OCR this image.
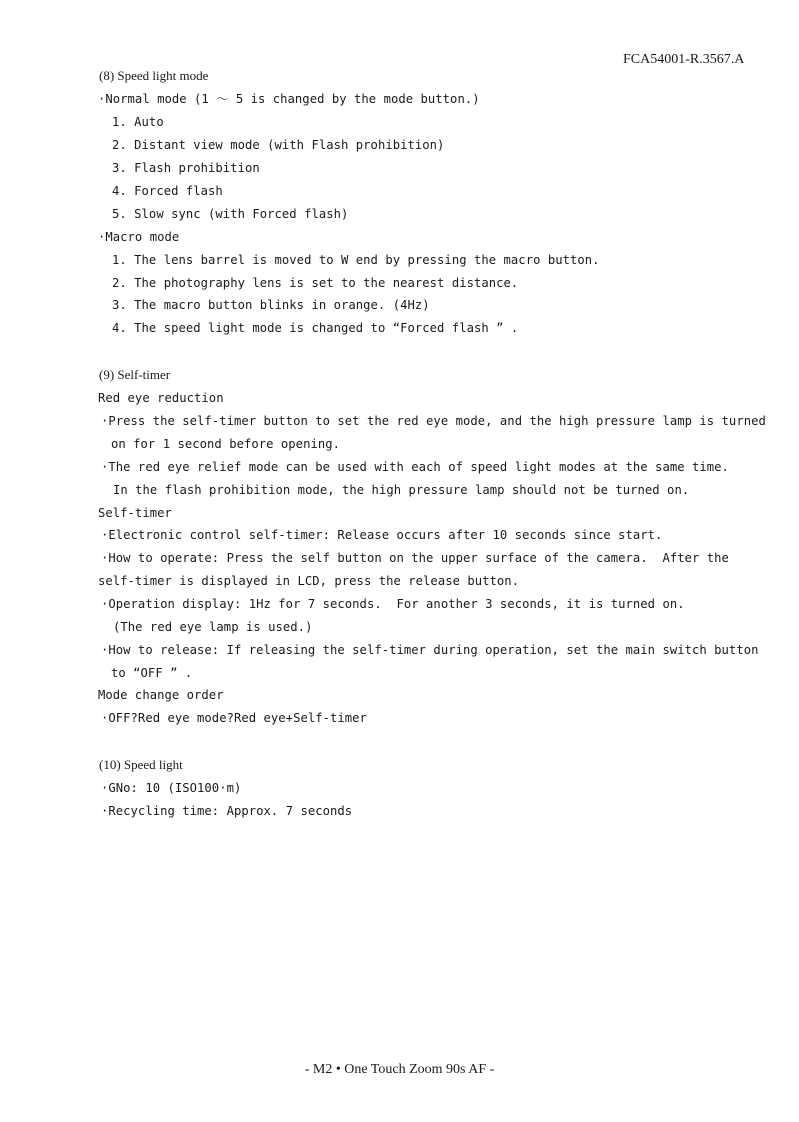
FCA54001-R.3567.A
(8) Speed light mode
·Normal mode (1 ～ 5 is changed by the mode button.)
1. Auto
2. Distant view mode (with Flash prohibition)
3. Flash prohibition
4. Forced flash
5. Slow sync (with Forced flash)
·Macro mode
1. The lens barrel is moved to W end by pressing the macro button.
2. The photography lens is set to the nearest distance.
3. The macro button blinks in orange. (4Hz)
4. The speed light mode is changed to “Forced flash ” .
(9) Self-timer
Red eye reduction
·Press the self-timer button to set the red eye mode, and the high pressure lamp is turned
on for 1 second before opening.
·The red eye relief mode can be used with each of speed light modes at the same time.
In the flash prohibition mode, the high pressure lamp should not be turned on.
Self-timer
·Electronic control self-timer: Release occurs after 10 seconds since start.
·How to operate: Press the self button on the upper surface of the camera.  After the
self-timer is displayed in LCD, press the release button.
·Operation display: 1Hz for 7 seconds.  For another 3 seconds, it is turned on.
(The red eye lamp is used.)
·How to release: If releasing the self-timer during operation, set the main switch button
to “OFF ” .
Mode change order
·OFF?Red eye mode?Red eye+Self-timer
(10) Speed light
·GNo: 10 (ISO100·m)
·Recycling time: Approx. 7 seconds
- M2 • One Touch Zoom 90s AF -
